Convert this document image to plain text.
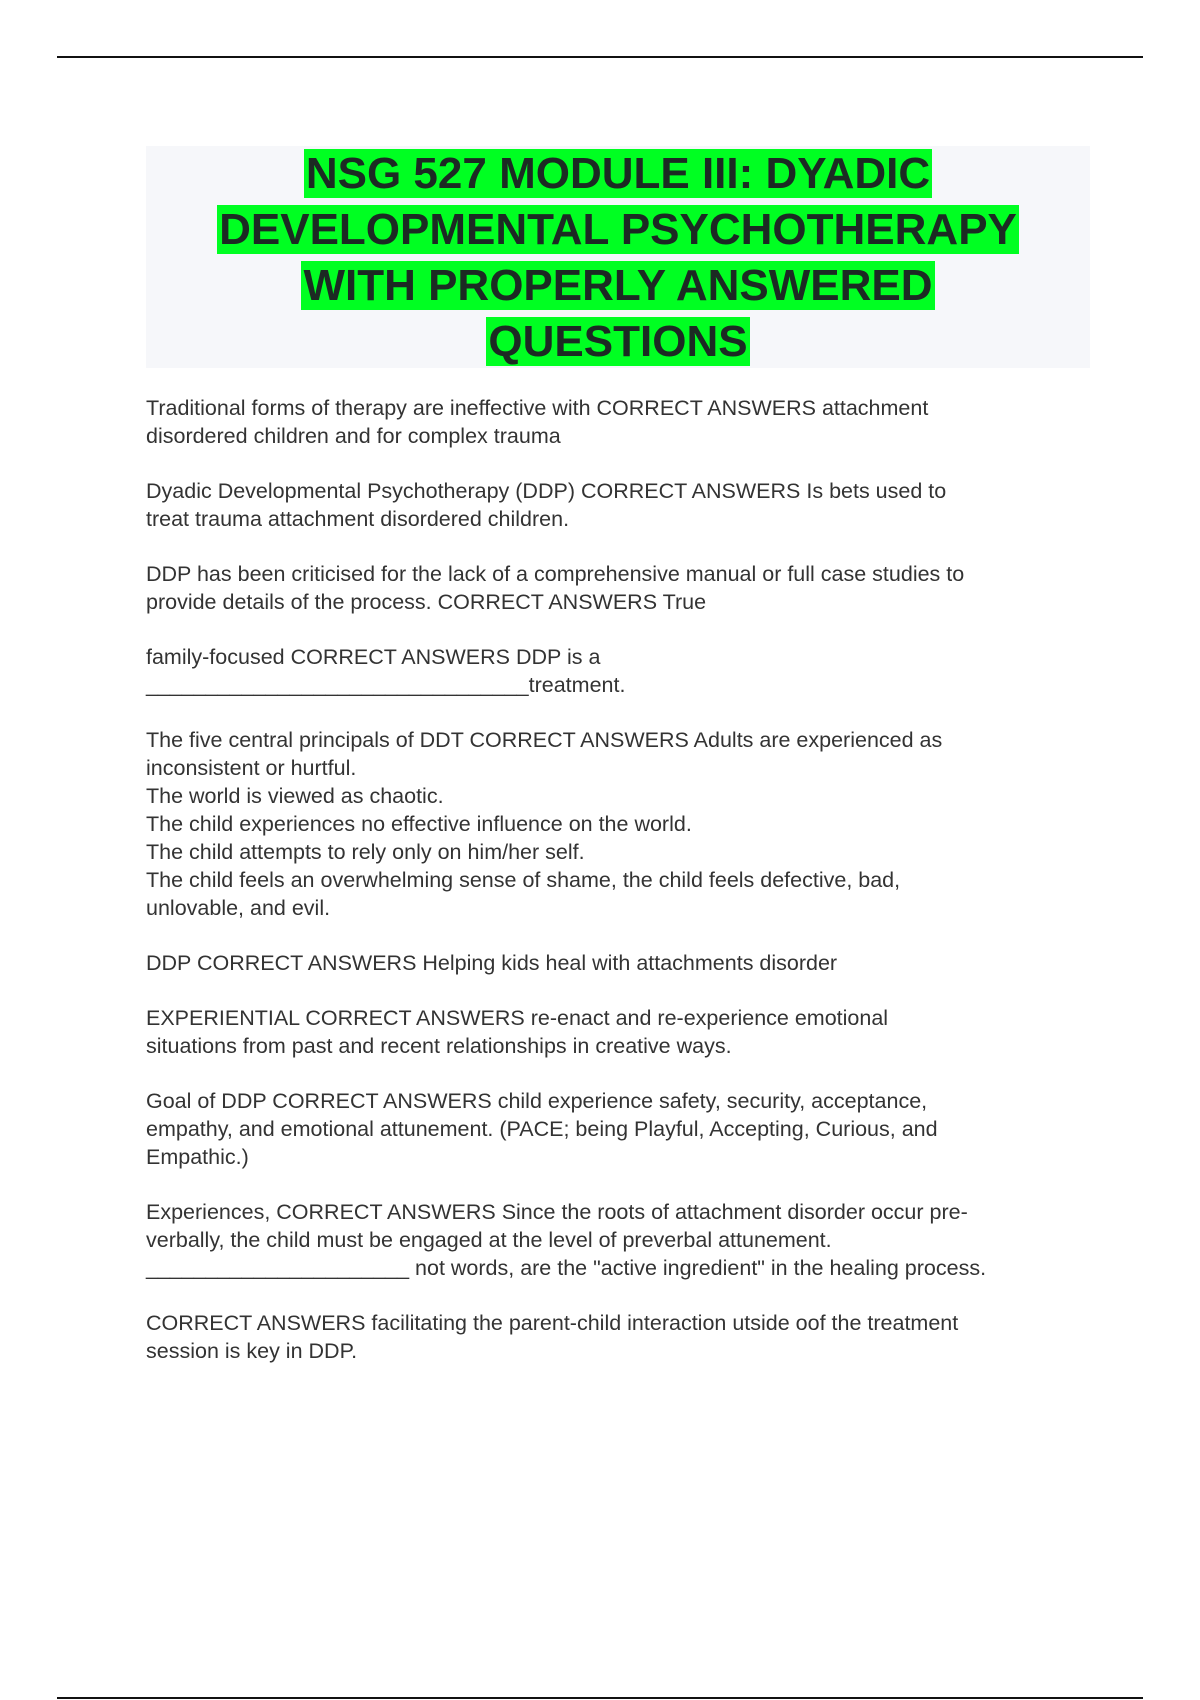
NSG 527 MODULE III: DYADIC
DEVELOPMENTAL PSYCHOTHERAPY
WITH PROPERLY ANSWERED
QUESTIONS

Traditional forms of therapy are ineffective with CORRECT ANSWERS attachment
disordered children and for complex trauma

Dyadic Developmental Psychotherapy (DDP) CORRECT ANSWERS Is bets used to
treat trauma attachment disordered children.

DDP has been criticised for the lack of a comprehensive manual or full case studies to
provide details of the process. CORRECT ANSWERS True

family-focused CORRECT ANSWERS DDP is a
________________________________treatment.

The five central principals of DDT CORRECT ANSWERS Adults are experienced as
inconsistent or hurtful.
The world is viewed as chaotic.
The child experiences no effective influence on the world.
The child attempts to rely only on him/her self.
The child feels an overwhelming sense of shame, the child feels defective, bad,
unlovable, and evil.

DDP CORRECT ANSWERS Helping kids heal with attachments disorder

EXPERIENTIAL CORRECT ANSWERS re-enact and re-experience emotional
situations from past and recent relationships in creative ways.

Goal of DDP CORRECT ANSWERS child experience safety, security, acceptance,
empathy, and emotional attunement. (PACE; being Playful, Accepting, Curious, and
Empathic.)

Experiences, CORRECT ANSWERS Since the roots of attachment disorder occur pre-
verbally, the child must be engaged at the level of preverbal attunement.
______________________ not words, are the "active ingredient" in the healing process.

CORRECT ANSWERS facilitating the parent-child interaction utside oof the treatment
session is key in DDP.
